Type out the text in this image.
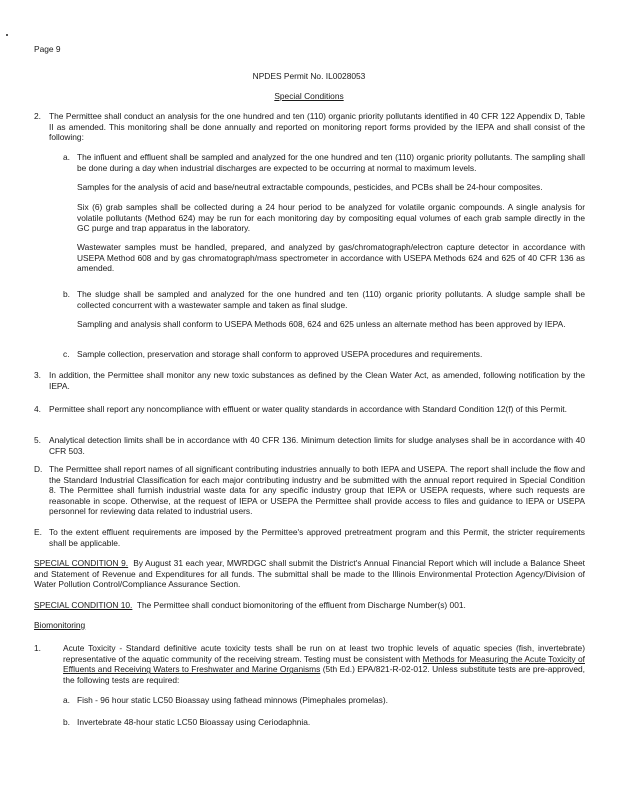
Page 9
NPDES Permit No. IL0028053
Special Conditions
2. The Permittee shall conduct an analysis for the one hundred and ten (110) organic priority pollutants identified in 40 CFR 122 Appendix D, Table II as amended. This monitoring shall be done annually and reported on monitoring report forms provided by the IEPA and shall consist of the following:
a. The influent and effluent shall be sampled and analyzed for the one hundred and ten (110) organic priority pollutants. The sampling shall be done during a day when industrial discharges are expected to be occurring at normal to maximum levels.
Samples for the analysis of acid and base/neutral extractable compounds, pesticides, and PCBs shall be 24-hour composites.
Six (6) grab samples shall be collected during a 24 hour period to be analyzed for volatile organic compounds. A single analysis for volatile pollutants (Method 624) may be run for each monitoring day by compositing equal volumes of each grab sample directly in the GC purge and trap apparatus in the laboratory.
Wastewater samples must be handled, prepared, and analyzed by gas/chromatograph/electron capture detector in accordance with USEPA Method 608 and by gas chromatograph/mass spectrometer in accordance with USEPA Methods 624 and 625 of 40 CFR 136 as amended.
b. The sludge shall be sampled and analyzed for the one hundred and ten (110) organic priority pollutants. A sludge sample shall be collected concurrent with a wastewater sample and taken as final sludge.
Sampling and analysis shall conform to USEPA Methods 608, 624 and 625 unless an alternate method has been approved by IEPA.
c. Sample collection, preservation and storage shall conform to approved USEPA procedures and requirements.
3. In addition, the Permittee shall monitor any new toxic substances as defined by the Clean Water Act, as amended, following notification by the IEPA.
4. Permittee shall report any noncompliance with effluent or water quality standards in accordance with Standard Condition 12(f) of this Permit.
5. Analytical detection limits shall be in accordance with 40 CFR 136. Minimum detection limits for sludge analyses shall be in accordance with 40 CFR 503.
D. The Permittee shall report names of all significant contributing industries annually to both IEPA and USEPA. The report shall include the flow and the Standard Industrial Classification for each major contributing industry and be submitted with the annual report required in Special Condition 8. The Permittee shall furnish industrial waste data for any specific industry group that IEPA or USEPA requests, where such requests are reasonable in scope. Otherwise, at the request of IEPA or USEPA the Permittee shall provide access to files and guidance to IEPA or USEPA personnel for reviewing data related to industrial users.
E. To the extent effluent requirements are imposed by the Permittee's approved pretreatment program and this Permit, the stricter requirements shall be applicable.
SPECIAL CONDITION 9. By August 31 each year, MWRDGC shall submit the District's Annual Financial Report which will include a Balance Sheet and Statement of Revenue and Expenditures for all funds. The submittal shall be made to the Illinois Environmental Protection Agency/Division of Water Pollution Control/Compliance Assurance Section.
SPECIAL CONDITION 10. The Permittee shall conduct biomonitoring of the effluent from Discharge Number(s) 001.
Biomonitoring
1.	Acute Toxicity - Standard definitive acute toxicity tests shall be run on at least two trophic levels of aquatic species (fish, invertebrate) representative of the aquatic community of the receiving stream. Testing must be consistent with Methods for Measuring the Acute Toxicity of Effluents and Receiving Waters to Freshwater and Marine Organisms (5th Ed.) EPA/821-R-02-012. Unless substitute tests are pre-approved, the following tests are required:
a. Fish - 96 hour static LC50 Bioassay using fathead minnows (Pimephales promelas).
b. Invertebrate 48-hour static LC50 Bioassay using Ceriodaphnia.
